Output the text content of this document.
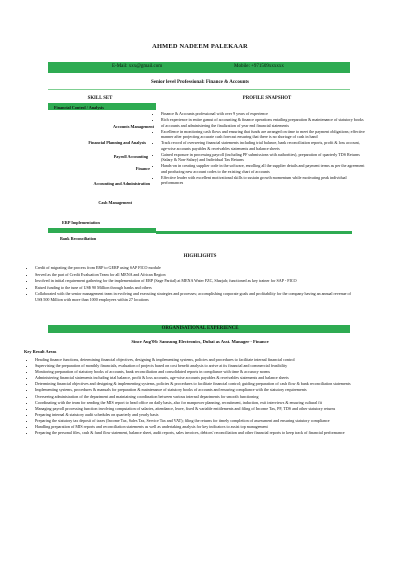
AHMED NADEEM PALEKAAR
E-Mail: xxx@gmail.com	Mobile: +971509xxxxxx
Senior level Professional: Finance & Accounts
SKILL SET	PROFILE SNAPSHOT
Financial Control / Analysis
Accounts Management
Financial Planning and Analysis
Payroll Accounting
Finance
Accounting and Administration
Cash Management
ERP Implementation
Bank Reconciliation
• Finance & Accounts professional with over 9 years of experience
• Rich experience in entire gamut of accounting & finance operations entailing preparation & maintenance of statutory books of accounts and administering the finalization of year end financial statements
• Excellence in monitoring cash flows and ensuring that funds are arranged on time to meet the payment obligations; effective manner after projecting accurate cash forecast ensuring that there is no shortage of cash in hand
• Track record of overseeing financial statements including trial balance, bank reconciliation reports, profit & loss account, age-wise accounts payables & receivables statements and balance sheets
• Gained exposure in processing payroll (including PF submissions with authorities), preparation of quarterly TDS Returns (Salary & Non-Salary) and Individual Tax Returns
• Hands-on in creating supplier code in the software, enrolling all the supplier details and payment terms as per the agreement and producing new account codes to the existing chart of accounts
• Effective leader with excellent motivational skills to sustain growth momentum while motivating peak individual performances
HIGHLIGHTS
• Credit of migrating the process from ERP to GERP using SAP FICO module
• Served as the part of Credit Evaluation Team for all MENA and African Region
• Involved in initial requirement gathering for the implementation of ERP (Sage Partial) at MENA Water FZC, Sharjah; functioned as key trainer for SAP - FICO
• Raised funding to the tune of US$ 90 Million through banks and others
• Collaborated with the senior management team in evolving and executing strategies and processes; accomplishing corporate goals and profitability for the company having an annual revenue of US$ 500 Million with more than 1000 employees within 27 locations
ORGANISATIONAL EXPERIENCE
Since Aug'06: Samsung Electronics, Dubai as Asst. Manager - Finance
Key Result Areas
• Heading finance functions, determining financial objectives, designing & implementing systems, policies and procedures to facilitate internal financial control
• Supervising the preparation of monthly financials, evaluation of projects based on cost benefit analysis to arrive at its financial and commercial feasibility
• Monitoring preparation of statutory books of accounts, bank reconciliation and consolidated reports in compliance with time & accuracy norms
• Administering financial statements including trial balance, profit & loss accounts, age-wise accounts payables & receivables statements and balance sheets
• Determining financial objectives and designing & implementing systems, policies & procedures to facilitate financial control; guiding preparation of cash flow & bank reconciliation statements
• Implementing systems, procedures & manuals for preparation & maintenance of statutory books of accounts and ensuring compliance with the statutory requirements
• Overseeing administration of the department and maintaining coordination between various internal departments for smooth functioning
• Coordinating with the team for sending the MIS report to head office on daily basis, also for manpower planning, recruitment, induction, exit interviews & ensuring cultural fit
• Managing payroll processing function involving computation of salaries, attendance, leave, fixed & variable entitlements and filing of Income Tax, PF, TDS and other statutory returns
• Preparing internal & statutory audit schedules on quarterly and yearly basis
• Preparing the statutory tax deposit of taxes (Income Tax, Sales Tax, Service Tax and VAT); filing the returns for timely completion of assessment and ensuring statutory compliance
• Handling preparation of MIS reports and reconciliation statements as well as undertaking analysis for key indicators to assist top management
• Preparing the personal files, cash & fund flow statement, balance sheet, audit reports, sales invoices, debtors' reconciliation and other financial reports to keep track of financial performance
